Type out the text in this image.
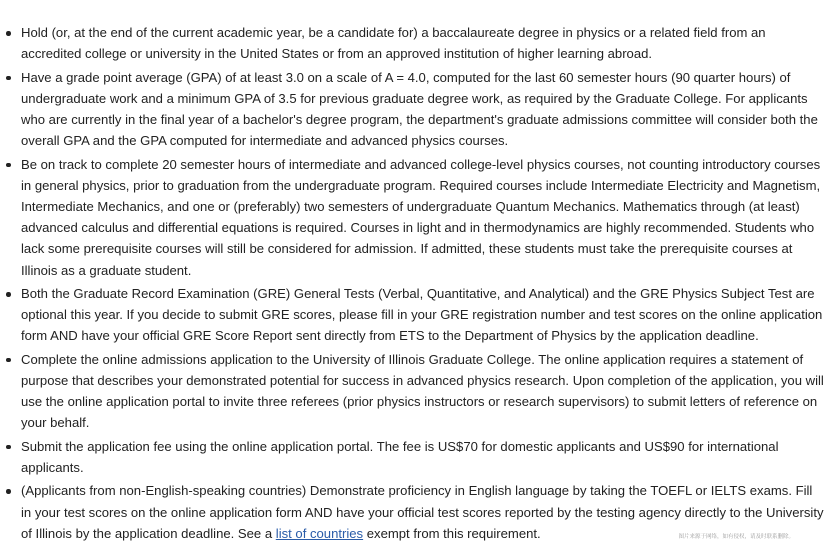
Hold (or, at the end of the current academic year, be a candidate for) a baccalaureate degree in physics or a related field from an accredited college or university in the United States or from an approved institution of higher learning abroad.
Have a grade point average (GPA) of at least 3.0 on a scale of A = 4.0, computed for the last 60 semester hours (90 quarter hours) of undergraduate work and a minimum GPA of 3.5 for previous graduate degree work, as required by the Graduate College. For applicants who are currently in the final year of a bachelor's degree program, the department's graduate admissions committee will consider both the overall GPA and the GPA computed for intermediate and advanced physics courses.
Be on track to complete 20 semester hours of intermediate and advanced college-level physics courses, not counting introductory courses in general physics, prior to graduation from the undergraduate program. Required courses include Intermediate Electricity and Magnetism, Intermediate Mechanics, and one or (preferably) two semesters of undergraduate Quantum Mechanics. Mathematics through (at least) advanced calculus and differential equations is required. Courses in light and in thermodynamics are highly recommended. Students who lack some prerequisite courses will still be considered for admission. If admitted, these students must take the prerequisite courses at Illinois as a graduate student.
Both the Graduate Record Examination (GRE) General Tests (Verbal, Quantitative, and Analytical) and the GRE Physics Subject Test are optional this year. If you decide to submit GRE scores, please fill in your GRE registration number and test scores on the online application form AND have your official GRE Score Report sent directly from ETS to the Department of Physics by the application deadline.
Complete the online admissions application to the University of Illinois Graduate College. The online application requires a statement of purpose that describes your demonstrated potential for success in advanced physics research. Upon completion of the application, you will use the online application portal to invite three referees (prior physics instructors or research supervisors) to submit letters of reference on your behalf.
Submit the application fee using the online application portal. The fee is US$70 for domestic applicants and US$90 for international applicants.
(Applicants from non-English-speaking countries) Demonstrate proficiency in English language by taking the TOEFL or IELTS exams. Fill in your test scores on the online application form AND have your official test scores reported by the testing agency directly to the University of Illinois by the application deadline. See a list of countries exempt from this requirement.	图片来源于网络，如有侵权，请及时联系删除。
